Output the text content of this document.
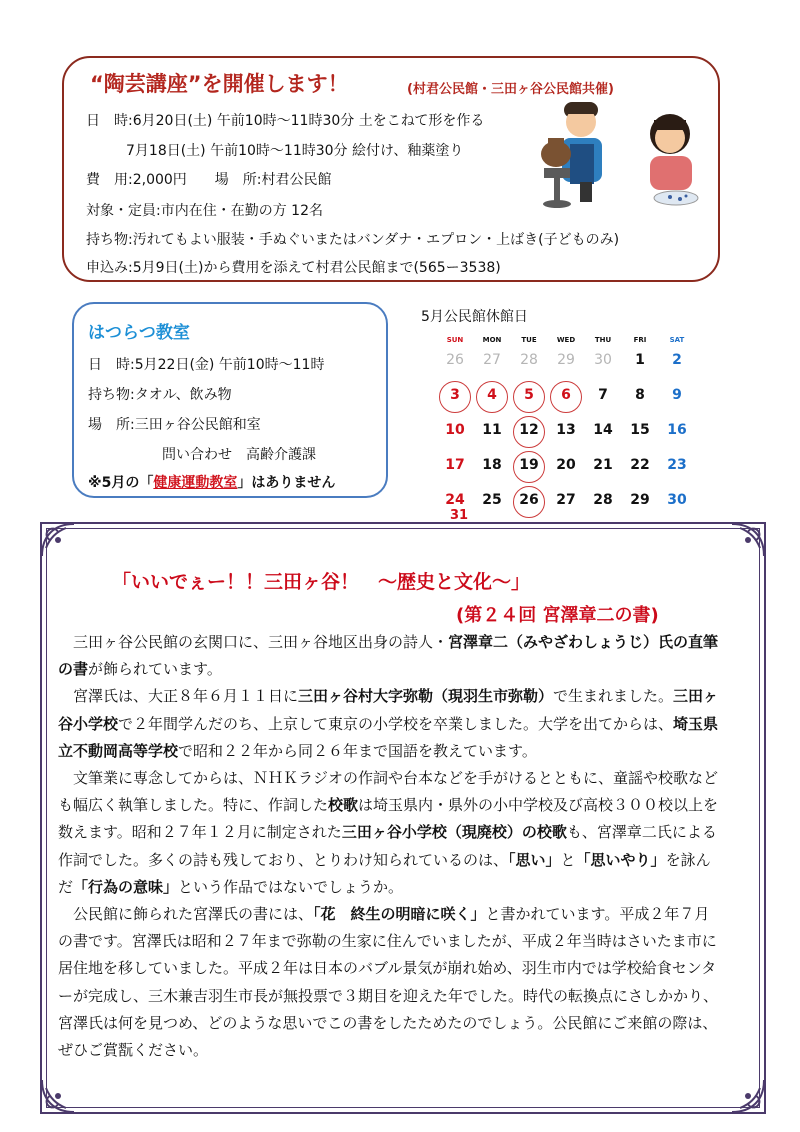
“陶芸講座”を開催します！	(村君公民館・三田ヶ谷公民館共催)
日　時:6月20日(土) 午前10時～11時30分 土をこねて形を作る
7月18日(土) 午前10時～11時30分 絵付け、釉薬塗り
費　用:2,000円　　場　所:村君公民館
対象・定員:市内在住・在勤の方 12名
持ち物:汚れてもよい服装・手ぬぐいまたはバンダナ・エプロン・上ばき(子どものみ)
申込み:5月9日(土)から費用を添えて村君公民館まで(565ー3538)
はつらつ教室
日　時:5月22日(金) 午前10時～11時
持ち物:タオル、飲み物
場　所:三田ヶ谷公民館和室
問い合わせ　高齢介護課
※5月の「健康運動教室」はありません
5月公民館休館日
SUN	MON	TUE	WED	THU	FRI	SAT
26	27	28	29	30	1	2
3	4	5	6	7	8	9
10	11	12	13	14	15	16
17	18	19	20	21	22	23
24	25	26	27	28	29	30
31
「いいでぇー！！三田ヶ谷！　～歴史と文化～」
(第２４回 宮澤章二の書)
　三田ヶ谷公民館の玄関口に、三田ヶ谷地区出身の詩人・宮澤章二（みやざわしょうじ）氏の直筆
の書が飾られています。
　宮澤氏は、大正８年６月１１日に三田ヶ谷村大字弥勒（現羽生市弥勒）で生まれました。三田ヶ
谷小学校で２年間学んだのち、上京して東京の小学校を卒業しました。大学を出てからは、埼玉県
立不動岡高等学校で昭和２２年から同２６年まで国語を教えています。
　文筆業に専念してからは、ＮＨＫラジオの作詞や台本などを手がけるとともに、童謡や校歌など
も幅広く執筆しました。特に、作詞した校歌は埼玉県内・県外の小中学校及び高校３００校以上を
数えます。昭和２７年１２月に制定された三田ヶ谷小学校（現廃校）の校歌も、宮澤章二氏による
作詞でした。多くの詩も残しており、とりわけ知られているのは、「思い」と「思いやり」を詠ん
だ「行為の意味」という作品ではないでしょうか。
　公民館に飾られた宮澤氏の書には、「花　終生の明暗に咲く」と書かれています。平成２年７月
の書です。宮澤氏は昭和２７年まで弥勒の生家に住んでいましたが、平成２年当時はさいたま市に
居住地を移していました。平成２年は日本のバブル景気が崩れ始め、羽生市内では学校給食センタ
ーが完成し、三木兼吉羽生市長が無投票で３期目を迎えた年でした。時代の転換点にさしかかり、
宮澤氏は何を見つめ、どのような思いでこの書をしたためたのでしょう。公民館にご来館の際は、
ぜひご賞翫ください。
